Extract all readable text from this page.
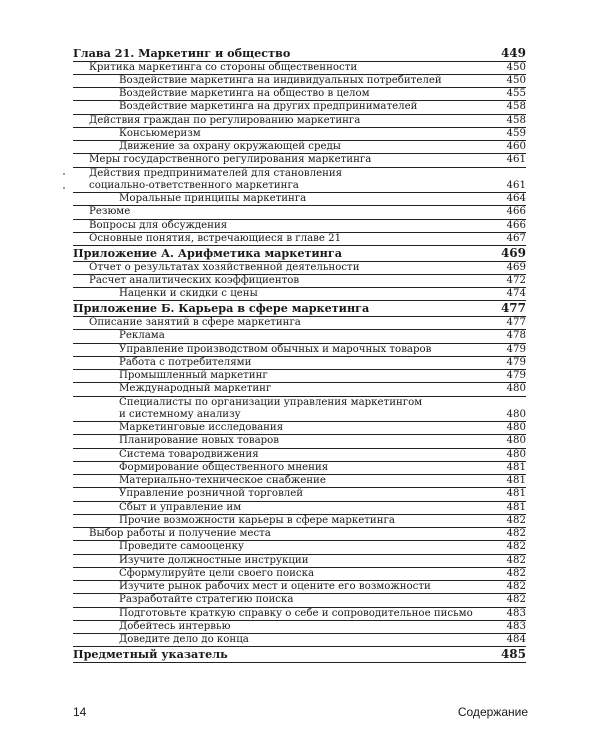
Глава 21. Маркетинг и общество	449
Критика маркетинга со стороны общественности	450
Воздействие маркетинга на индивидуальных потребителей	450
Воздействие маркетинга на общество в целом	455
Воздействие маркетинга на других предпринимателей	458
Действия граждан по регулированию маркетинга	458
Консьюмеризм	459
Движение за охрану окружающей среды	460
Меры государственного регулирования маркетинга	461
Действия предпринимателей для становления
социально-ответственного маркетинга	461
Моральные принципы маркетинга	464
Резюме	466
Вопросы для обсуждения	466
Основные понятия, встречающиеся в главе 21	467
Приложение А. Арифметика маркетинга	469
Отчет о результатах хозяйственной деятельности	469
Расчет аналитических коэффициентов	472
Наценки и скидки с цены	474
Приложение Б. Карьера в сфере маркетинга	477
Описание занятий в сфере маркетинга	477
Реклама	478
Управление производством обычных и марочных товаров	479
Работа с потребителями	479
Промышленный маркетинг	479
Международный маркетинг	480
Специалисты по организации управления маркетингом
и системному анализу	480
Маркетинговые исследования	480
Планирование новых товаров	480
Система товародвижения	480
Формирование общественного мнения	481
Материально-техническое снабжение	481
Управление розничной торговлей	481
Сбыт и управление им	481
Прочие возможности карьеры в сфере маркетинга	482
Выбор работы и получение места	482
Проведите самооценку	482
Изучите должностные инструкции	482
Сформулируйте цели своего поиска	482
Изучите рынок рабочих мест и оцените его возможности	482
Разработайте стратегию поиска	482
Подготовьте краткую справку о себе и сопроводительное письмо	483
Добейтесь интервью	483
Доведите дело до конца	484
Предметный указатель	485
14	Содержание
